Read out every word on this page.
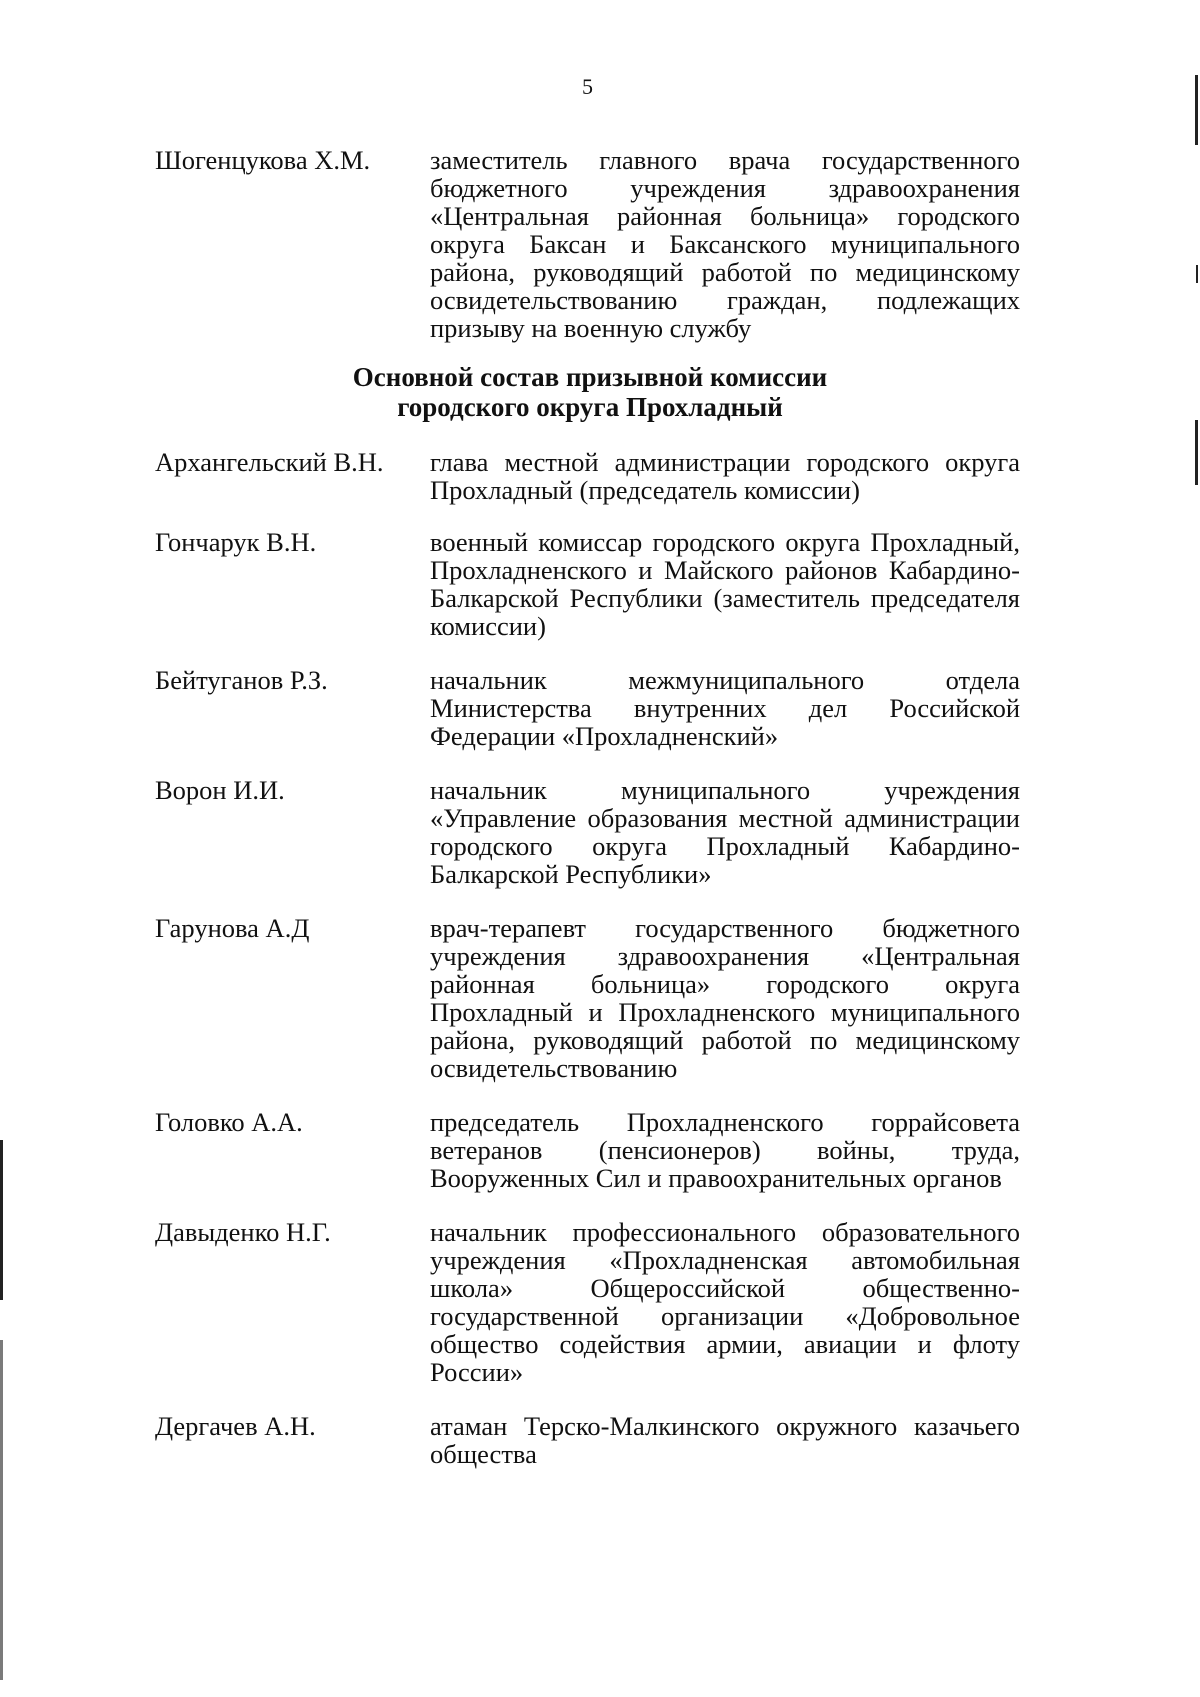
5
Шогенцукова Х.М.	заместитель главного врача государственного бюджетного учреждения здравоохранения «Центральная районная больница» городского округа Баксан и Баксанского муниципального района, руководящий работой по медицинскому освидетельствованию граждан, подлежащих призыву на военную службу
Основной состав призывной комиссии
городского округа Прохладный
Архангельский В.Н.	глава местной администрации городского округа Прохладный (председатель комиссии)
Гончарук В.Н.	военный комиссар городского округа Прохладный, Прохладненского и Майского районов Кабардино-Балкарской Республики (заместитель председателя комиссии)
Бейтуганов Р.З.	начальник межмуниципального отдела Министерства внутренних дел Российской Федерации «Прохладненский»
Ворон И.И.	начальник муниципального учреждения «Управление образования местной администрации городского округа Прохладный Кабардино-Балкарской Республики»
Гарунова А.Д	врач-терапевт государственного бюджетного учреждения здравоохранения «Центральная районная больница» городского округа Прохладный и Прохладненского муниципального района, руководящий работой по медицинскому освидетельствованию
Головко А.А.	председатель Прохладненского горрайсовета ветеранов (пенсионеров) войны, труда, Вооруженных Сил и правоохранительных органов
Давыденко Н.Г.	начальник профессионального образовательного учреждения «Прохладненская автомобильная школа» Общероссийской общественно-государственной организации «Добровольное общество содействия армии, авиации и флоту России»
Дергачев А.Н.	атаман Терско-Малкинского окружного казачьего общества
